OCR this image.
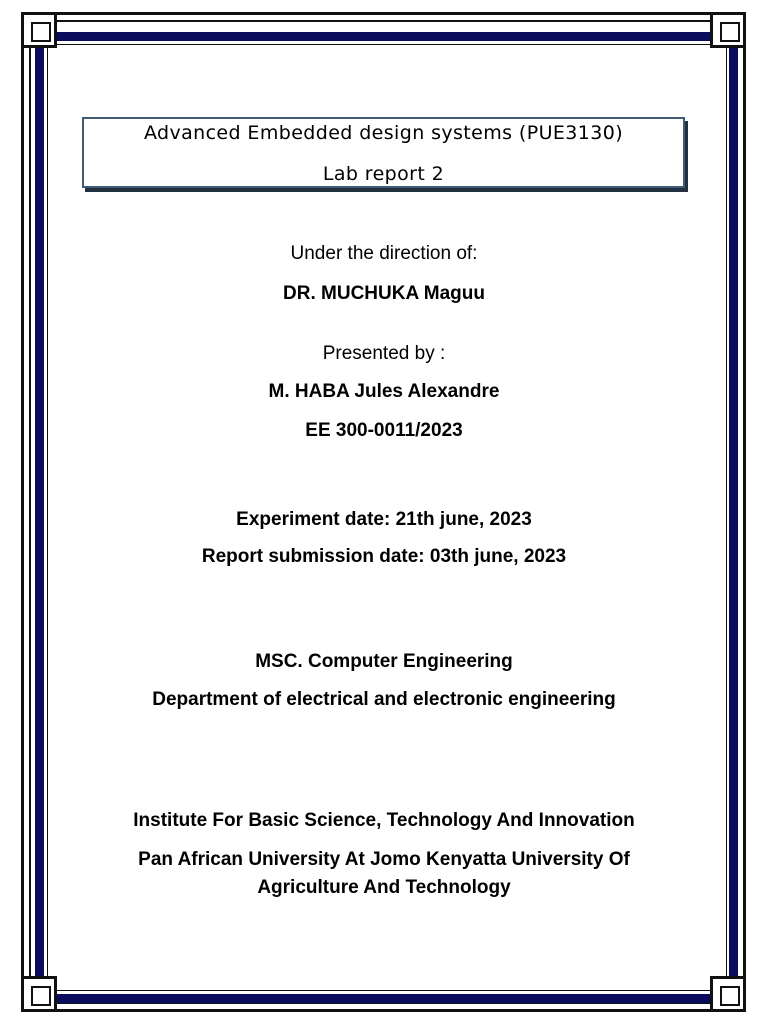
Advanced Embedded design systems (PUE3130)
Lab report 2
Under the direction of:
DR. MUCHUKA Maguu
Presented by :
M. HABA Jules Alexandre
EE 300-0011/2023
Experiment date: 21th june, 2023
Report submission date: 03th june, 2023
MSC. Computer Engineering
Department of electrical and electronic engineering
Institute For Basic Science, Technology And Innovation
Pan African University At Jomo Kenyatta University Of Agriculture And Technology
